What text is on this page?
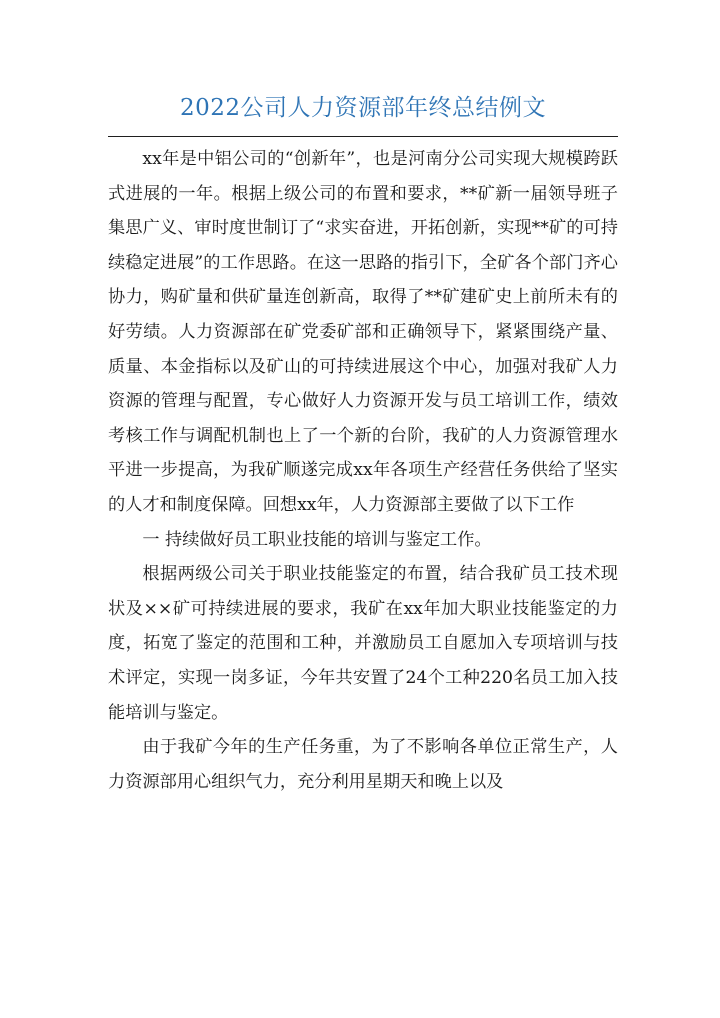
2022公司人力资源部年终总结例文

xx年是中铝公司的“创新年”，也是河南分公司实现大规模跨跃式进展的一年。根据上级公司的布置和要求，**矿新一届领导班子集思广义、审时度世制订了“求实奋进，开拓创新，实现**矿的可持续稳定进展”的工作思路。在这一思路的指引下，全矿各个部门齐心协力，购矿量和供矿量连创新高，取得了**矿建矿史上前所未有的好劳绩。人力资源部在矿党委矿部和正确领导下，紧紧围绕产量、质量、本金指标以及矿山的可持续进展这个中心，加强对我矿人力资源的管理与配置，专心做好人力资源开发与员工培训工作，绩效考核工作与调配机制也上了一个新的台阶，我矿的人力资源管理水平进一步提高，为我矿顺遂完成xx年各项生产经营任务供给了坚实的人才和制度保障。回想xx年，人力资源部主要做了以下工作

一 持续做好员工职业技能的培训与鉴定工作。

根据两级公司关于职业技能鉴定的布置，结合我矿员工技术现状及××矿可持续进展的要求，我矿在xx年加大职业技能鉴定的力度，拓宽了鉴定的范围和工种，并激励员工自愿加入专项培训与技术评定，实现一岗多证，今年共安置了24个工种220名员工加入技能培训与鉴定。

由于我矿今年的生产任务重，为了不影响各单位正常生产，人力资源部用心组织气力，充分利用星期天和晚上以及
